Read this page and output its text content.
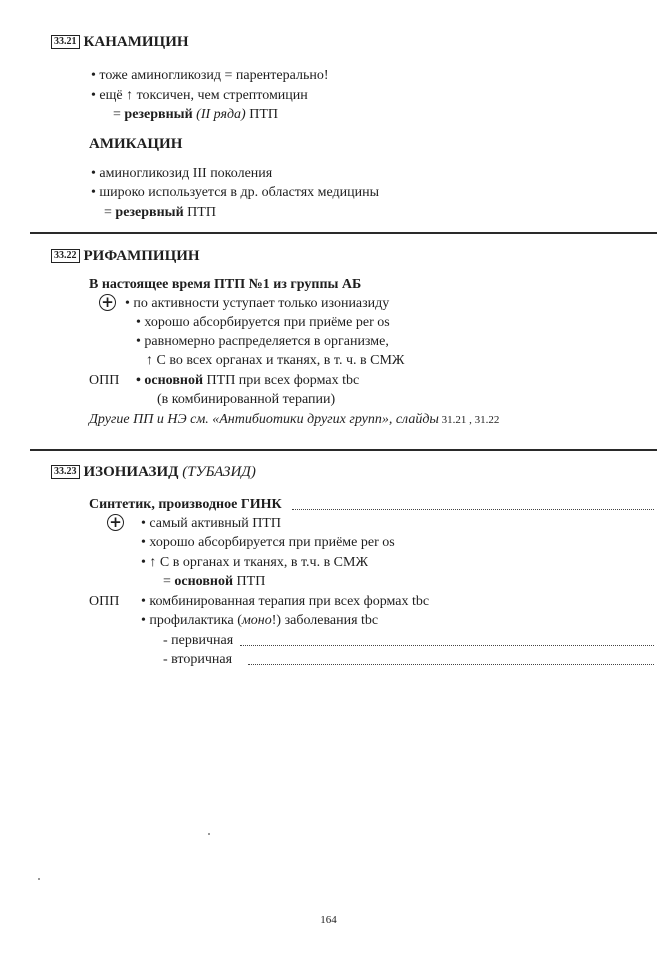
33.21 КАНАМИЦИН
• тоже аминогликозид = парентерально!
• ещё ↑ токсичен, чем стрептомицин
= резервный (II ряда) ПТП
АМИКАЦИН
• аминогликозид III поколения
• широко используется в др. областях медицины
= резервный ПТП
33.22 РИФАМПИЦИН
В настоящее время ПТП №1 из группы АБ
+ • по активности уступает только изониазиду
• хорошо абсорбируется при приёме per os
• равномерно распределяется в организме,
↑ С во всех органах и тканях, в т. ч. в СМЖ
ОПП • основной ПТП при всех формах tbc
(в комбинированной терапии)
Другие ПП и НЭ см. «Антибиотики других групп», слайды 31.21 , 31.22
33.23 ИЗОНИАЗИД (ТУБАЗИД)
Синтетик, производное ГИНК
+ • самый активный ПТП
• хорошо абсорбируется при приёме per os
• ↑ С в органах и тканях, в т.ч. в СМЖ
= основной ПТП
ОПП • комбинированная терапия при всех формах tbc
• профилактика (моно!) заболевания tbc
- первичная
- вторичная
164
